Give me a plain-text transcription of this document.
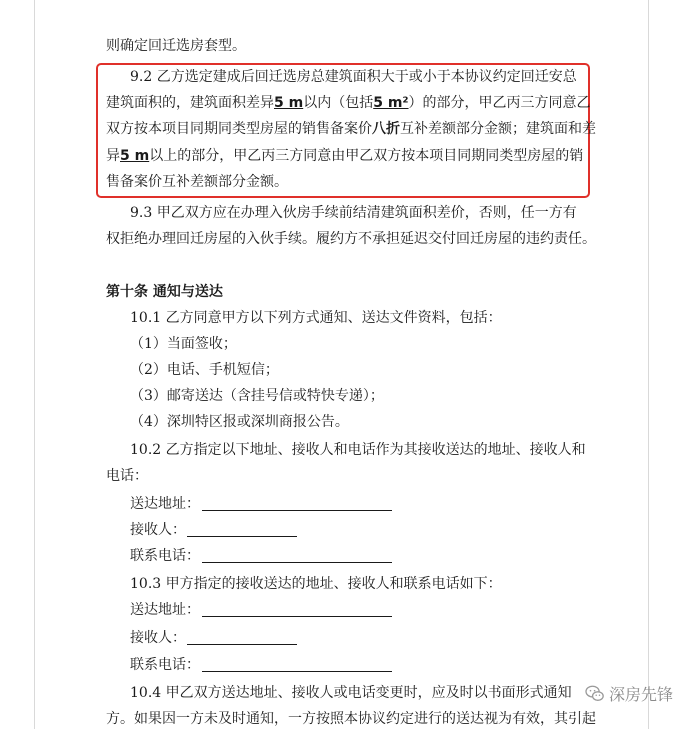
则确定回迁选房套型。
9.2 乙方选定建成后回迁选房总建筑面积大于或小于本协议约定回迁安总
建筑面积的，建筑面积差异5 m以内（包括5 m²）的部分，甲乙丙三方同意乙
双方按本项目同期同类型房屋的销售备案价八折互补差额部分金额；建筑面和差
异5 m以上的部分，甲乙丙三方同意由甲乙双方按本项目同期同类型房屋的销
售备案价互补差额部分金额。
9.3 甲乙双方应在办理入伙房手续前结清建筑面积差价，否则，任一方有
权拒绝办理回迁房屋的入伙手续。履约方不承担延迟交付回迁房屋的违约责任。
第十条 通知与送达
10.1 乙方同意甲方以下列方式通知、送达文件资料，包括：
（1）当面签收；
（2）电话、手机短信；
（3）邮寄送达（含挂号信或特快专递）；
（4）深圳特区报或深圳商报公告。
10.2 乙方指定以下地址、接收人和电话作为其接收送达的地址、接收人和
电话：
送达地址：
接收人：
联系电话：
10.3 甲方指定的接收送达的地址、接收人和联系电话如下：
送达地址：
接收人：
联系电话：
10.4 甲乙双方送达地址、接收人或电话变更时，应及时以书面形式通知
方。如果因一方未及时通知，一方按照本协议约定进行的送达视为有效，其引起
深房先锋
